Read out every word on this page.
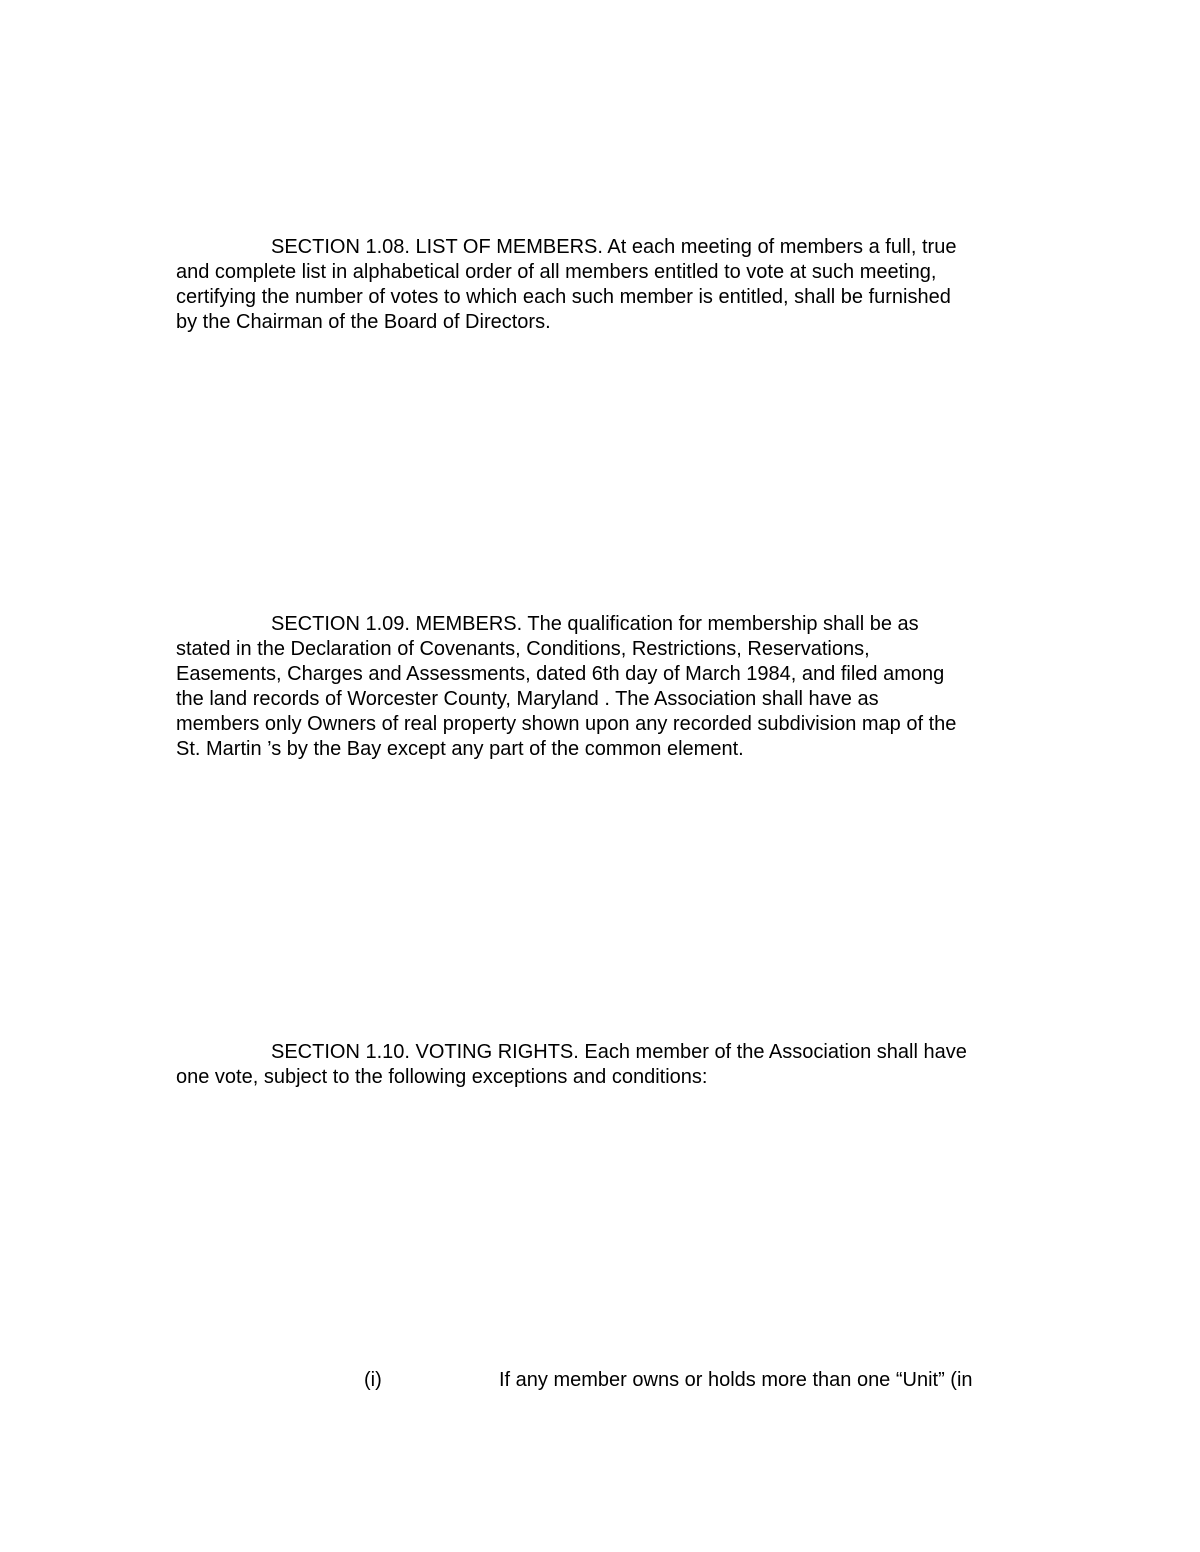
SECTION 1.08. LIST OF MEMBERS. At each meeting of members a full, true
and complete list in alphabetical order of all members entitled to vote at such meeting,
certifying the number of votes to which each such member is entitled, shall be furnished
by the Chairman of the Board of Directors.

SECTION 1.09. MEMBERS. The qualification for membership shall be as
stated in the Declaration of Covenants, Conditions, Restrictions, Reservations,
Easements, Charges and Assessments, dated 6th day of March 1984, and filed among
the land records of Worcester County, Maryland . The Association shall have as
members only Owners of real property shown upon any recorded subdivision map of the
St. Martin ’s by the Bay except any part of the common element.

SECTION 1.10. VOTING RIGHTS. Each member of the Association shall have
one vote, subject to the following exceptions and conditions:

(i)	If any member owns or holds more than one “Unit” (in
